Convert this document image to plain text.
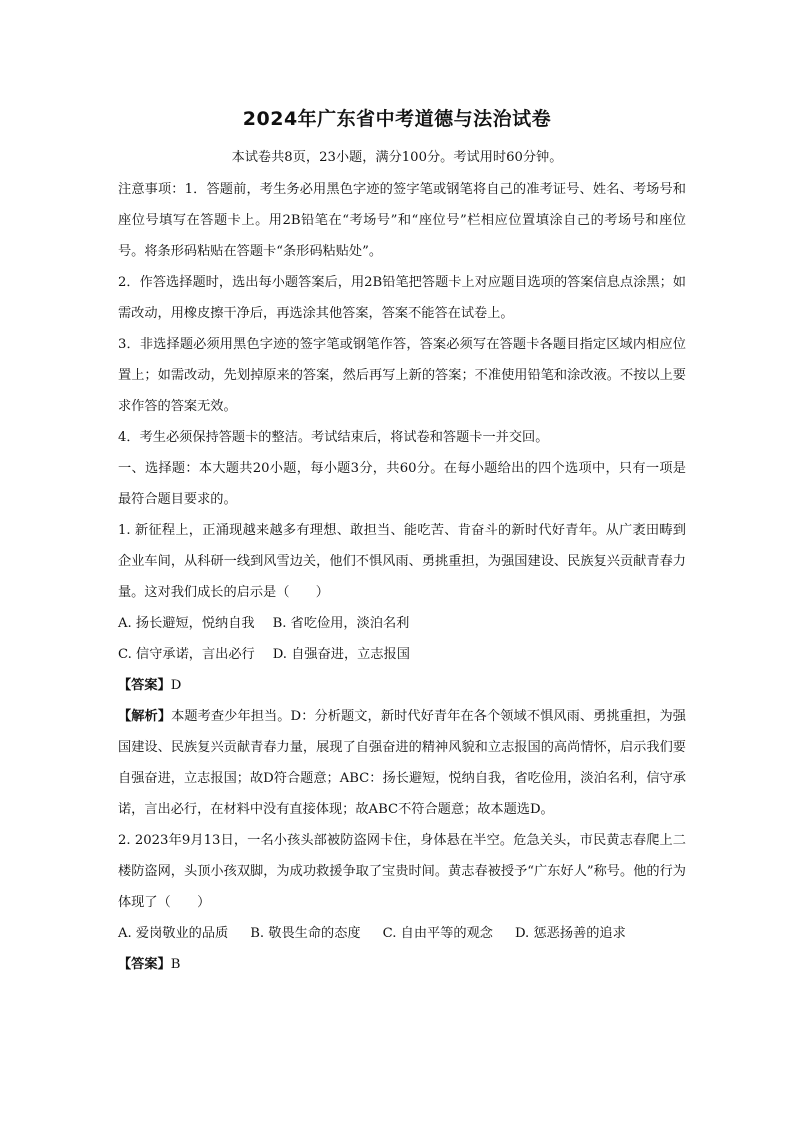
2024年广东省中考道德与法治试卷
本试卷共8页，23小题，满分100分。考试用时60分钟。

注意事项：1．答题前，考生务必用黑色字迹的签字笔或钢笔将自己的准考证号、姓名、考场号和座位号填写在答题卡上。用2B铅笔在“考场号”和“座位号”栏相应位置填涂自己的考场号和座位号。将条形码粘贴在答题卡“条形码粘贴处”。

2．作答选择题时，选出每小题答案后，用2B铅笔把答题卡上对应题目选项的答案信息点涂黑；如需改动，用橡皮擦干净后，再选涂其他答案，答案不能答在试卷上。

3．非选择题必须用黑色字迹的签字笔或钢笔作答，答案必须写在答题卡各题目指定区域内相应位置上；如需改动，先划掉原来的答案，然后再写上新的答案；不准使用铅笔和涂改液。不按以上要求作答的答案无效。

4．考生必须保持答题卡的整洁。考试结束后，将试卷和答题卡一并交回。

一、选择题：本大题共20小题，每小题3分，共60分。在每小题给出的四个选项中，只有一项是最符合题目要求的。

1. 新征程上，正涌现越来越多有理想、敢担当、能吃苦、肯奋斗的新时代好青年。从广袤田畴到企业车间，从科研一线到风雪边关，他们不惧风雨、勇挑重担，为强国建设、民族复兴贡献青春力量。这对我们成长的启示是（　　）

A. 扬长避短，悦纳自我 B. 省吃俭用，淡泊名利

C. 信守承诺，言出必行 D. 自强奋进，立志报国

【答案】D

【解析】本题考查少年担当。D：分析题文，新时代好青年在各个领域不惧风雨、勇挑重担，为强国建设、民族复兴贡献青春力量，展现了自强奋进的精神风貌和立志报国的高尚情怀，启示我们要自强奋进，立志报国；故D符合题意；ABC：扬长避短，悦纳自我，省吃俭用，淡泊名利，信守承诺，言出必行，在材料中没有直接体现；故ABC不符合题意；故本题选D。

2. 2023年9月13日，一名小孩头部被防盗网卡住，身体悬在半空。危急关头，市民黄志春爬上二楼防盗网，头顶小孩双脚，为成功救援争取了宝贵时间。黄志春被授予“广东好人”称号。他的行为体现了（　　）

A. 爱岗敬业的品质 B. 敬畏生命的态度 C. 自由平等的观念 D. 惩恶扬善的追求

【答案】B
